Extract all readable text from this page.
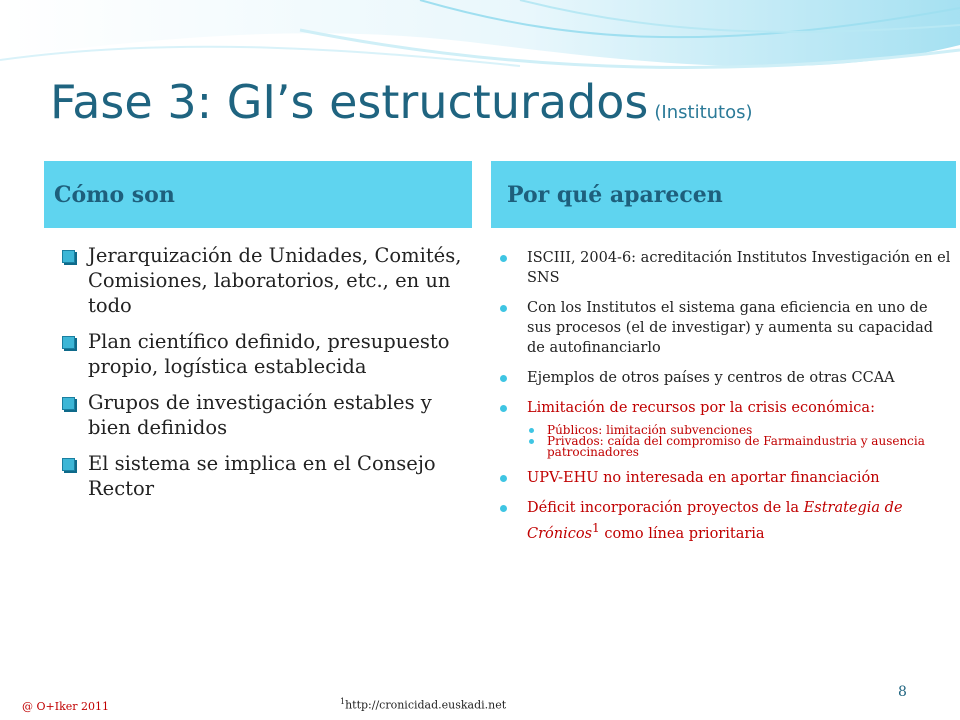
Fase 3: GI’s estructurados (Institutos)
Cómo son	Por qué aparecen
Jerarquización de Unidades, Comités, Comisiones, laboratorios, etc., en un todo
Plan científico definido, presupuesto propio, logística establecida
Grupos de investigación estables y bien definidos
El sistema se implica en el Consejo Rector
ISCIII, 2004-6: acreditación Institutos Investigación en el SNS
Con los Institutos el sistema gana eficiencia en uno de sus procesos (el de investigar) y aumenta su capacidad de autofinanciarlo
Ejemplos de otros países y centros de otras CCAA
Limitación de recursos por la crisis económica:
Públicos: limitación subvenciones
Privados: caída del compromiso de Farmaindustria y ausencia patrocinadores
UPV-EHU no interesada en aportar financiación
Déficit incorporación proyectos de la Estrategia de Crónicos$^1$ como línea prioritaria
@ O+Iker 2011	$^1$http://cronicidad.euskadi.net
8
